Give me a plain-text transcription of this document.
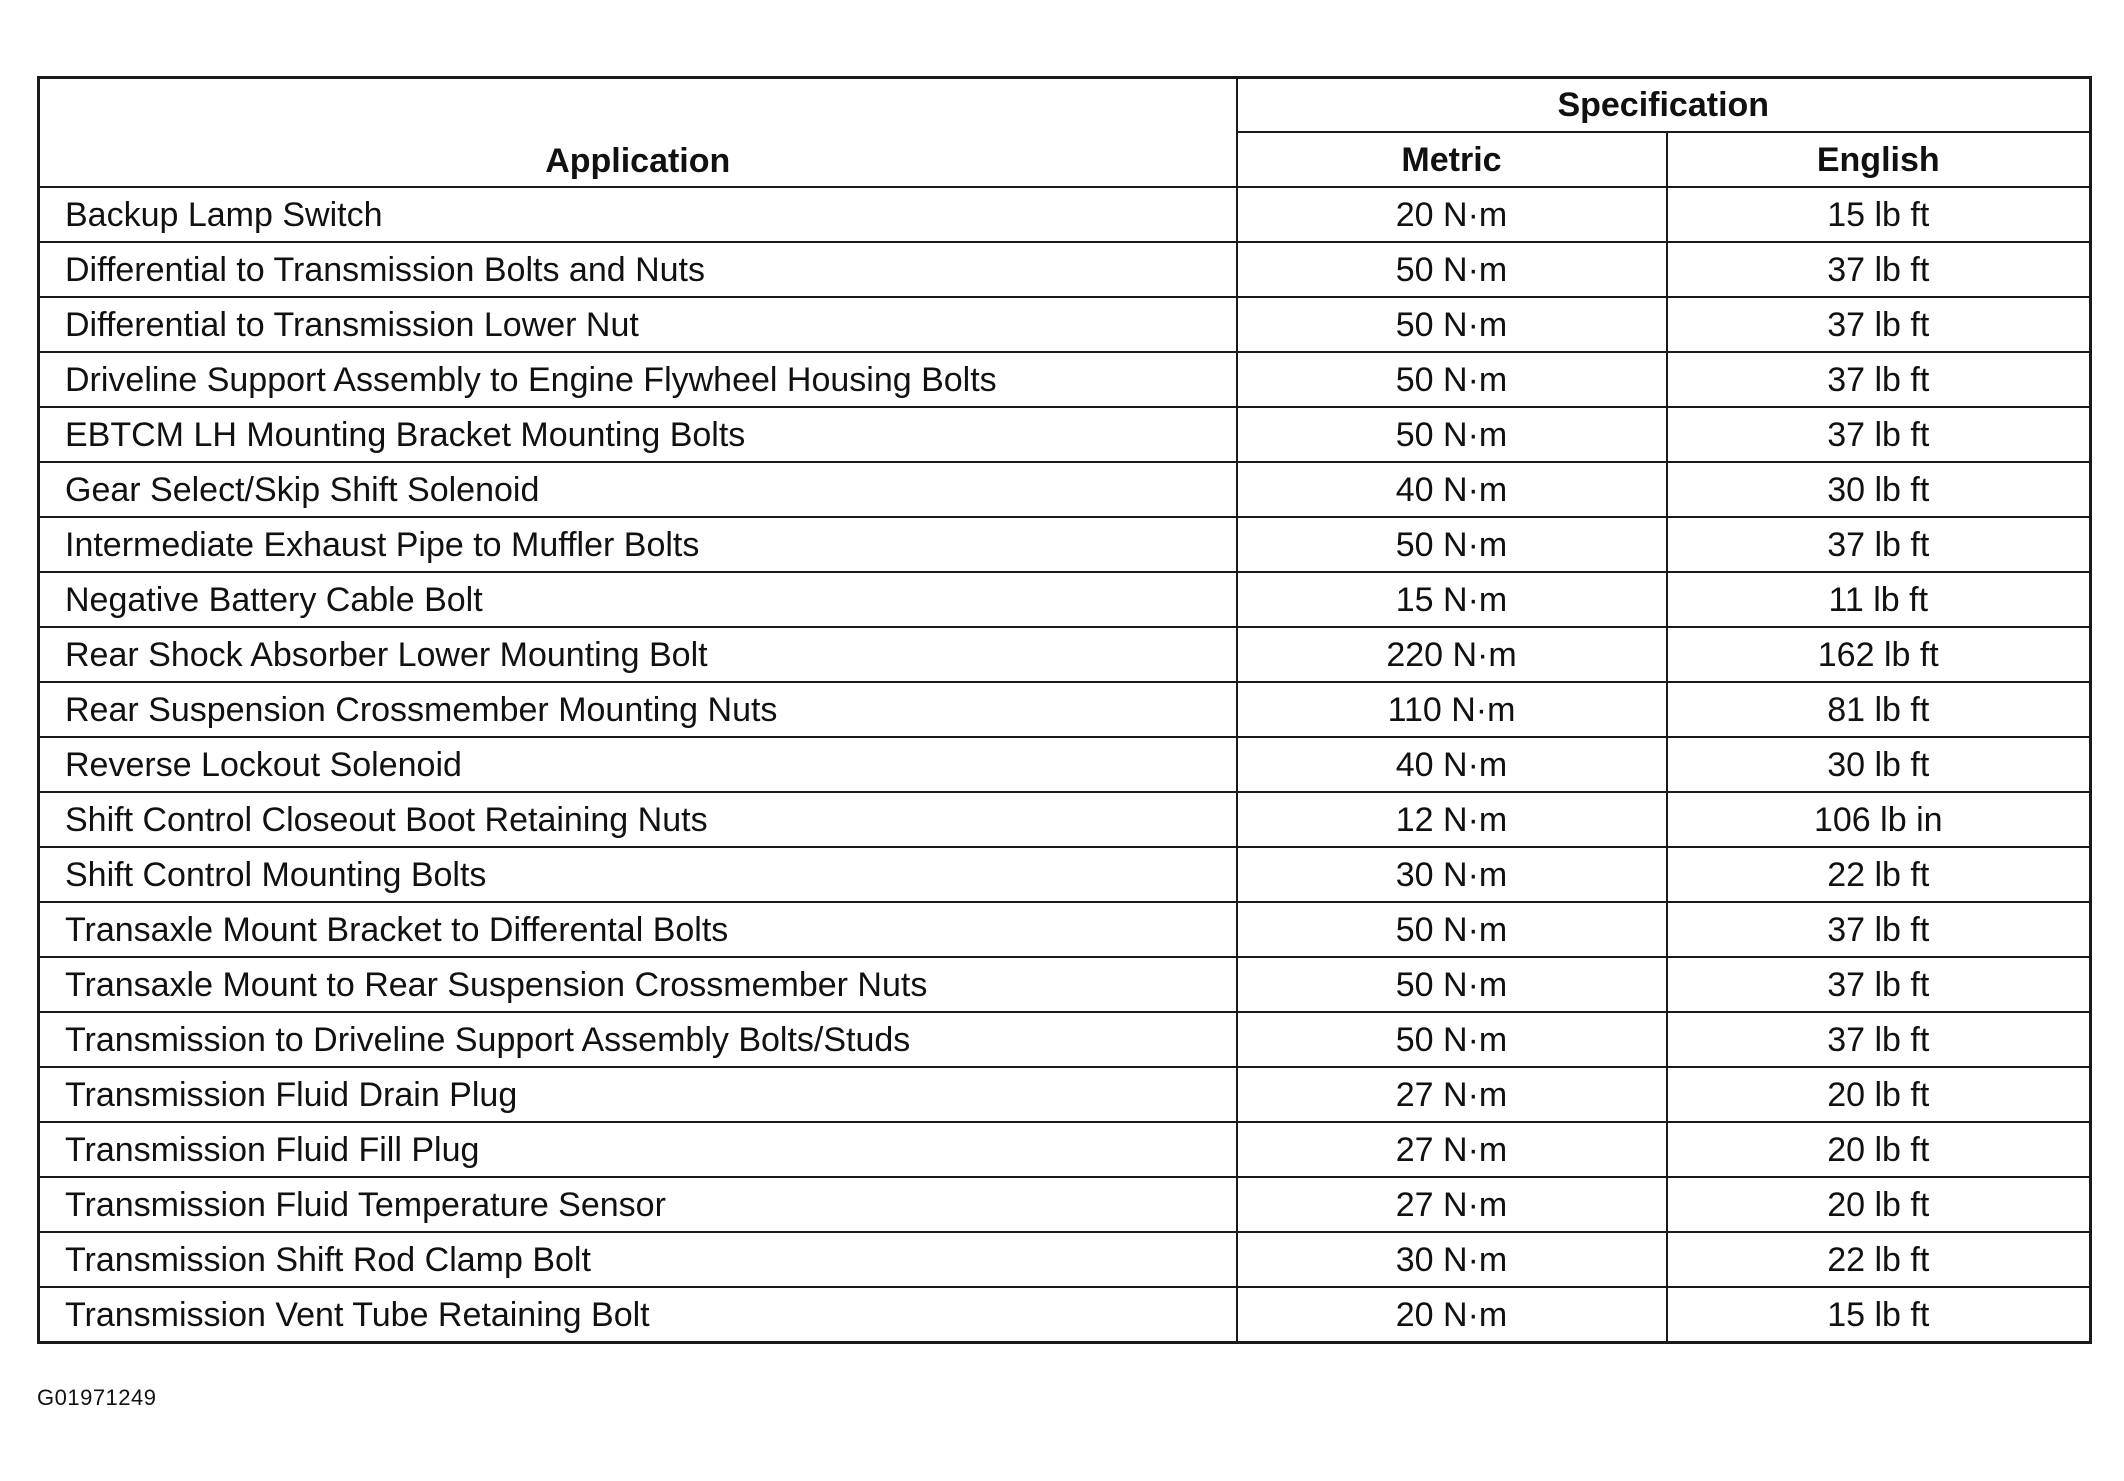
Application	Specification	
	Metric	English
Backup Lamp Switch	20 N·m	15 lb ft
Differential to Transmission Bolts and Nuts	50 N·m	37 lb ft
Differential to Transmission Lower Nut	50 N·m	37 lb ft
Driveline Support Assembly to Engine Flywheel Housing Bolts	50 N·m	37 lb ft
EBTCM LH Mounting Bracket Mounting Bolts	50 N·m	37 lb ft
Gear Select/Skip Shift Solenoid	40 N·m	30 lb ft
Intermediate Exhaust Pipe to Muffler Bolts	50 N·m	37 lb ft
Negative Battery Cable Bolt	15 N·m	11 lb ft
Rear Shock Absorber Lower Mounting Bolt	220 N·m	162 lb ft
Rear Suspension Crossmember Mounting Nuts	110 N·m	81 lb ft
Reverse Lockout Solenoid	40 N·m	30 lb ft
Shift Control Closeout Boot Retaining Nuts	12 N·m	106 lb in
Shift Control Mounting Bolts	30 N·m	22 lb ft
Transaxle Mount Bracket to Differental Bolts	50 N·m	37 lb ft
Transaxle Mount to Rear Suspension Crossmember Nuts	50 N·m	37 lb ft
Transmission to Driveline Support Assembly Bolts/Studs	50 N·m	37 lb ft
Transmission Fluid Drain Plug	27 N·m	20 lb ft
Transmission Fluid Fill Plug	27 N·m	20 lb ft
Transmission Fluid Temperature Sensor	27 N·m	20 lb ft
Transmission Shift Rod Clamp Bolt	30 N·m	22 lb ft
Transmission Vent Tube Retaining Bolt	20 N·m	15 lb ft
G01971249
